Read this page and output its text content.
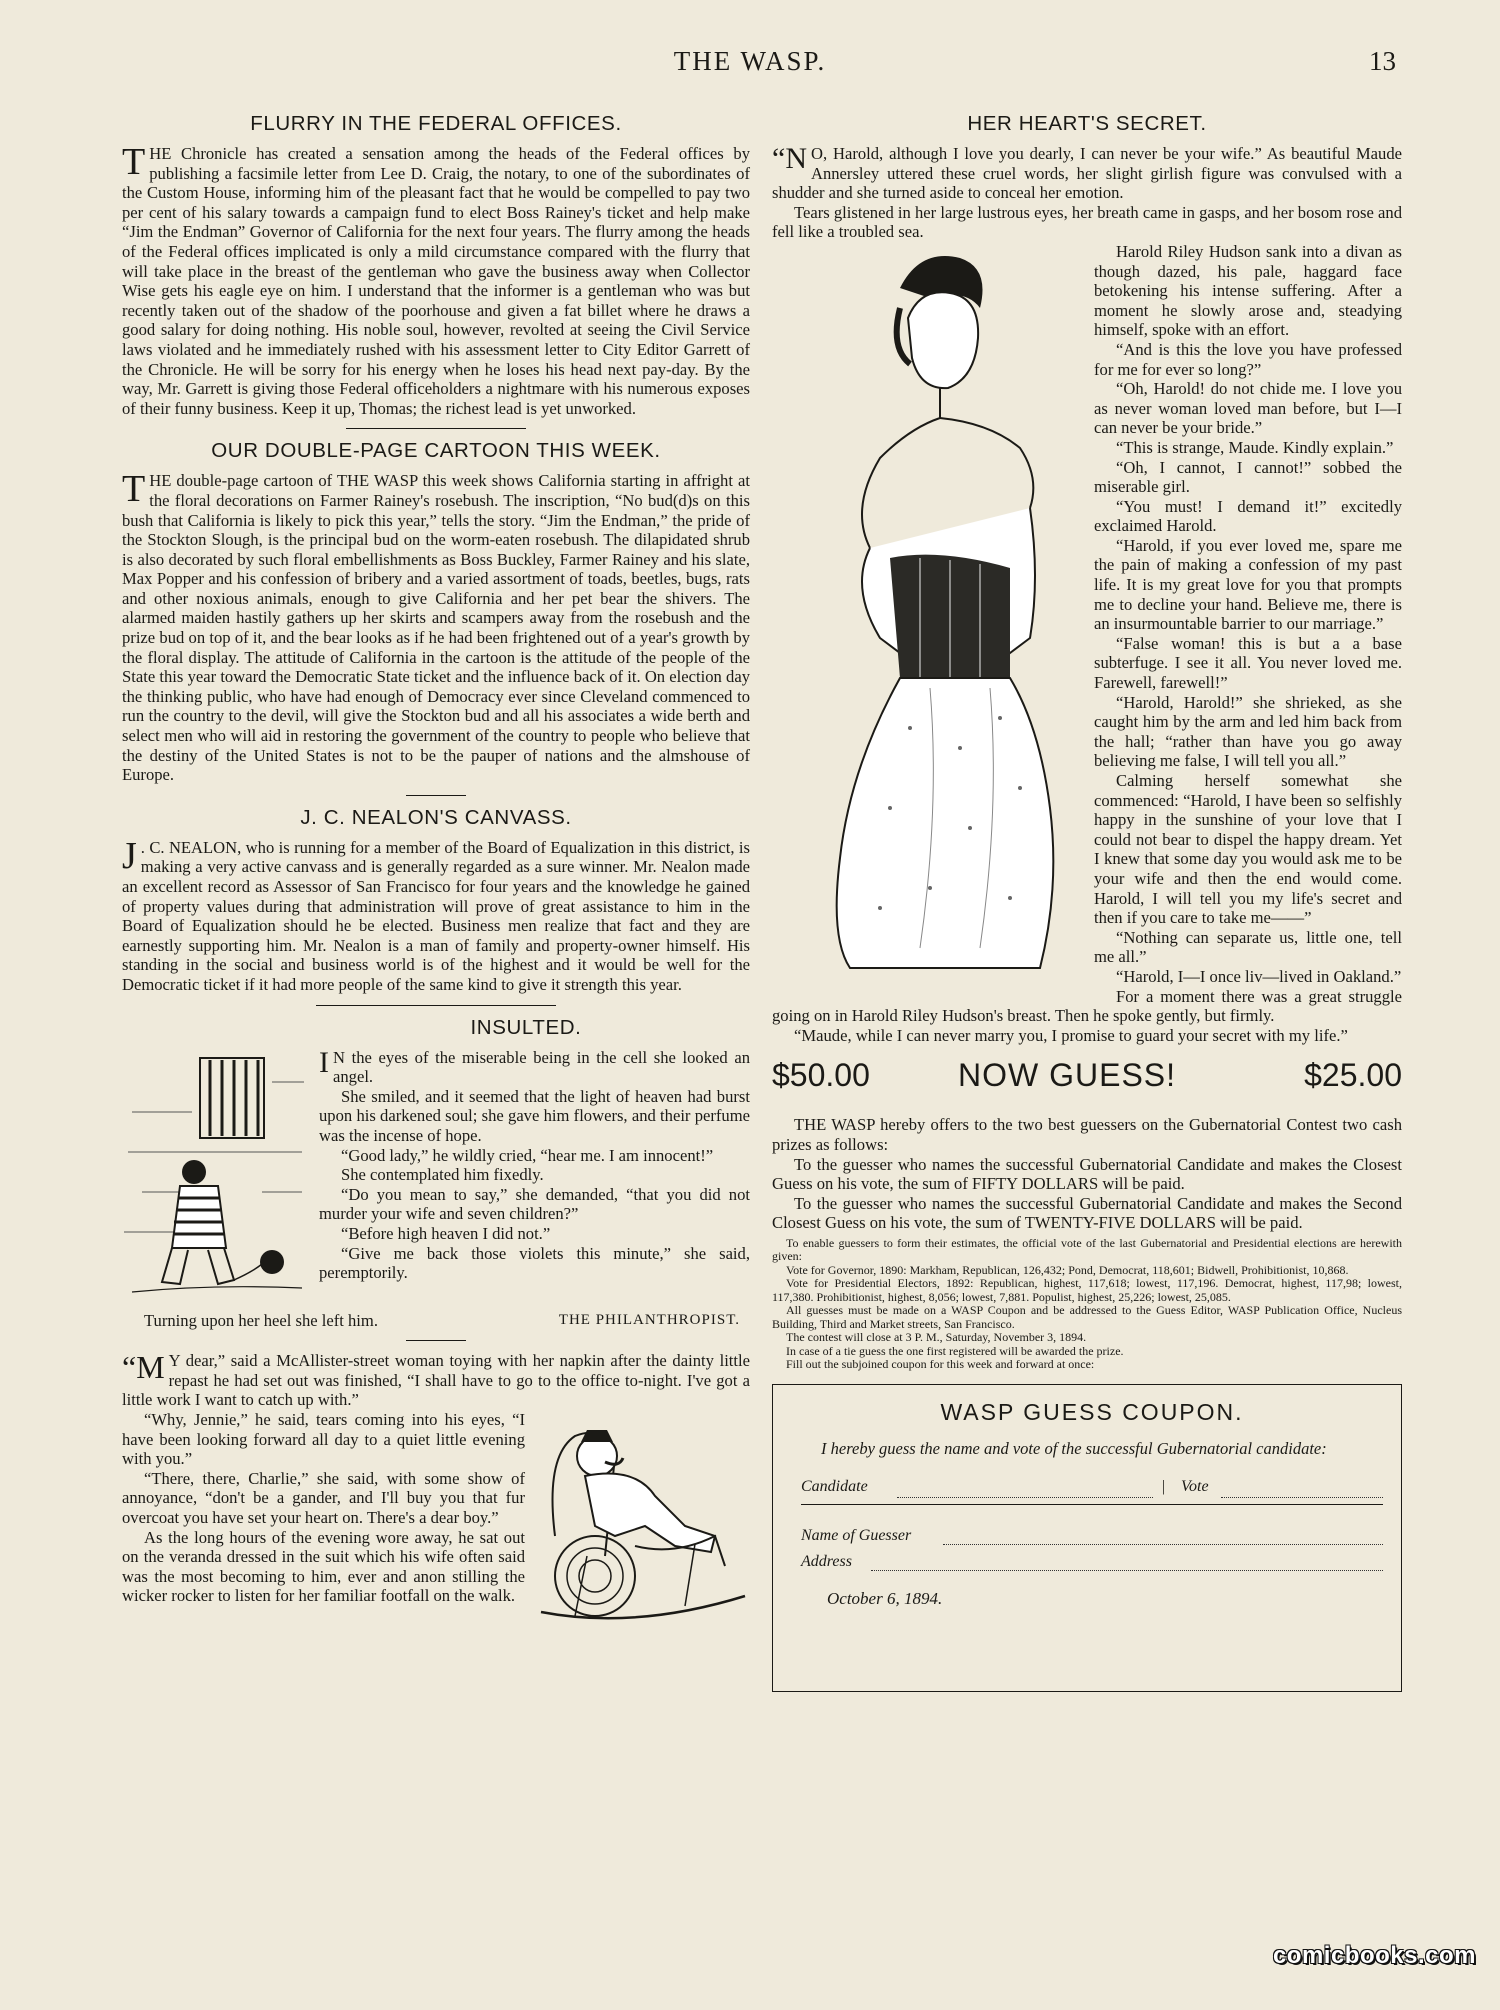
THE WASP.	13
FLURRY IN THE FEDERAL OFFICES.

THE Chronicle has created a sensation among the heads of the Federal offices by publishing a facsimile letter from Lee D. Craig, the notary, to one of the subordinates of the Custom House, informing him of the pleasant fact that he would be compelled to pay two per cent of his salary towards a campaign fund to elect Boss Rainey's ticket and help make “Jim the Endman” Governor of California for the next four years. The flurry among the heads of the Federal offices implicated is only a mild circumstance compared with the flurry that will take place in the breast of the gentleman who gave the business away when Collector Wise gets his eagle eye on him. I understand that the informer is a gentleman who was but recently taken out of the shadow of the poorhouse and given a fat billet where he draws a good salary for doing nothing. His noble soul, however, revolted at seeing the Civil Service laws violated and he immediately rushed with his assessment letter to City Editor Garrett of the Chronicle. He will be sorry for his energy when he loses his head next pay-day. By the way, Mr. Garrett is giving those Federal officeholders a nightmare with his numerous exposes of their funny business. Keep it up, Thomas; the richest lead is yet unworked.

OUR DOUBLE-PAGE CARTOON THIS WEEK.

THE double-page cartoon of THE WASP this week shows California starting in affright at the floral decorations on Farmer Rainey's rosebush. The inscription, “No bud(d)s on this bush that California is likely to pick this year,” tells the story. “Jim the Endman,” the pride of the Stockton Slough, is the principal bud on the worm-eaten rosebush. The dilapidated shrub is also decorated by such floral embellishments as Boss Buckley, Farmer Rainey and his slate, Max Popper and his confession of bribery and a varied assortment of toads, beetles, bugs, rats and other noxious animals, enough to give California and her pet bear the shivers. The alarmed maiden hastily gathers up her skirts and scampers away from the rosebush and the prize bud on top of it, and the bear looks as if he had been frightened out of a year's growth by the floral display. The attitude of California in the cartoon is the attitude of the people of the State this year toward the Democratic State ticket and the influence back of it. On election day the thinking public, who have had enough of Democracy ever since Cleveland commenced to run the country to the devil, will give the Stockton bud and all his associates a wide berth and select men who will aid in restoring the government of the country to people who believe that the destiny of the United States is not to be the pauper of nations and the almshouse of Europe.

J. C. NEALON'S CANVASS.

J . C. NEALON, who is running for a member of the Board of Equalization in this district, is making a very active canvass and is generally regarded as a sure winner. Mr. Nealon made an excellent record as Assessor of San Francisco for four years and the knowledge he gained of property values during that administration will prove of great assistance to him in the Board of Equalization should he be elected. Business men realize that fact and they are earnestly supporting him. Mr. Nealon is a man of family and property-owner himself. His standing in the social and business world is of the highest and it would be well for the Democratic ticket if it had more people of the same kind to give it strength this year.

INSULTED.

I N the eyes of the miserable being in the cell she looked an angel.

She smiled, and it seemed that the light of heaven had burst upon his darkened soul; she gave him flowers, and their perfume was the incense of hope.

“Good lady,” he wildly cried, “hear me. I am innocent!”

She contemplated him fixedly.

“Do you mean to say,” she demanded, “that you did not murder your wife and seven children?”

“Before high heaven I did not.”

“Give me back those violets this minute,” she said, peremptorily.

Turning upon her heel she left him.	THE PHILANTHROPIST.

“M Y dear,” said a McAllister-street woman toying with her napkin after the dainty little repast he had set out was finished, “I shall have to go to the office to-night. I've got a little work I want to catch up with.”

“Why, Jennie,” he said, tears coming into his eyes, “I have been looking forward all day to a quiet little evening with you.”

“There, there, Charlie,” she said, with some show of annoyance, “don't be a gander, and I'll buy you that fur overcoat you have set your heart on. There's a dear boy.”

As the long hours of the evening wore away, he sat out on the veranda dressed in the suit which his wife often said was the most becoming to him, ever and anon stilling the wicker rocker to listen for her familiar footfall on the walk.

HER HEART'S SECRET.

“N O, Harold, although I love you dearly, I can never be your wife.” As beautiful Maude Annersley uttered these cruel words, her slight girlish figure was convulsed with a shudder and she turned aside to conceal her emotion.

Tears glistened in her large lustrous eyes, her breath came in gasps, and her bosom rose and fell like a troubled sea.

Harold Riley Hudson sank into a divan as though dazed, his pale, haggard face betokening his intense suffering. After a moment he slowly arose and, steadying himself, spoke with an effort.

“And is this the love you have professed for me for ever so long?”

“Oh, Harold! do not chide me. I love you as never woman loved man before, but I—I can never be your bride.”

“This is strange, Maude. Kindly explain.”

“Oh, I cannot, I cannot!” sobbed the miserable girl.

“You must! I demand it!” excitedly exclaimed Harold.

“Harold, if you ever loved me, spare me the pain of making a confession of my past life. It is my great love for you that prompts me to decline your hand. Believe me, there is an insurmountable barrier to our marriage.”

“False woman! this is but a a base subterfuge. I see it all. You never loved me. Farewell, farewell!”

“Harold, Harold!” she shrieked, as she caught him by the arm and led him back from the hall; “rather than have you go away believing me false, I will tell you all.”

Calming herself somewhat she commenced: “Harold, I have been so selfishly happy in the sunshine of your love that I could not bear to dispel the happy dream. Yet I knew that some day you would ask me to be your wife and then the end would come. Harold, I will tell you my life's secret and then if you care to take me——”

“Nothing can separate us, little one, tell me all.”

“Harold, I—I once liv—lived in Oakland.”

For a moment there was a great struggle going on in Harold Riley Hudson's breast. Then he spoke gently, but firmly.

“Maude, while I can never marry you, I promise to guard your secret with my life.”

$50.00	NOW GUESS!	$25.00

THE WASP hereby offers to the two best guessers on the Gubernatorial Contest two cash prizes as follows:

To the guesser who names the successful Gubernatorial Candidate and makes the Closest Guess on his vote, the sum of FIFTY DOLLARS will be paid.

To the guesser who names the successful Gubernatorial Candidate and makes the Second Closest Guess on his vote, the sum of TWENTY-FIVE DOLLARS will be paid.

To enable guessers to form their estimates, the official vote of the last Gubernatorial and Presidential elections are herewith given:

Vote for Governor, 1890: Markham, Republican, 126,432; Pond, Democrat, 118,601; Bidwell, Prohibitionist, 10,868.

Vote for Presidential Electors, 1892: Republican, highest, 117,618; lowest, 117,196. Democrat, highest, 117,98; lowest, 117,380. Prohibitionist, highest, 8,056; lowest, 7,881. Populist, highest, 25,226; lowest, 25,085.

All guesses must be made on a WASP Coupon and be addressed to the Guess Editor, WASP Publication Office, Nucleus Building, Third and Market streets, San Francisco.

The contest will close at 3 P. M., Saturday, November 3, 1894.

In case of a tie guess the one first registered will be awarded the prize.

Fill out the subjoined coupon for this week and forward at once:

WASP GUESS COUPON.
I hereby guess the name and vote of the successful Gubernatorial candidate:
Candidate	| Vote
Name of Guesser
Address
October 6, 1894.
comicbooks.com
